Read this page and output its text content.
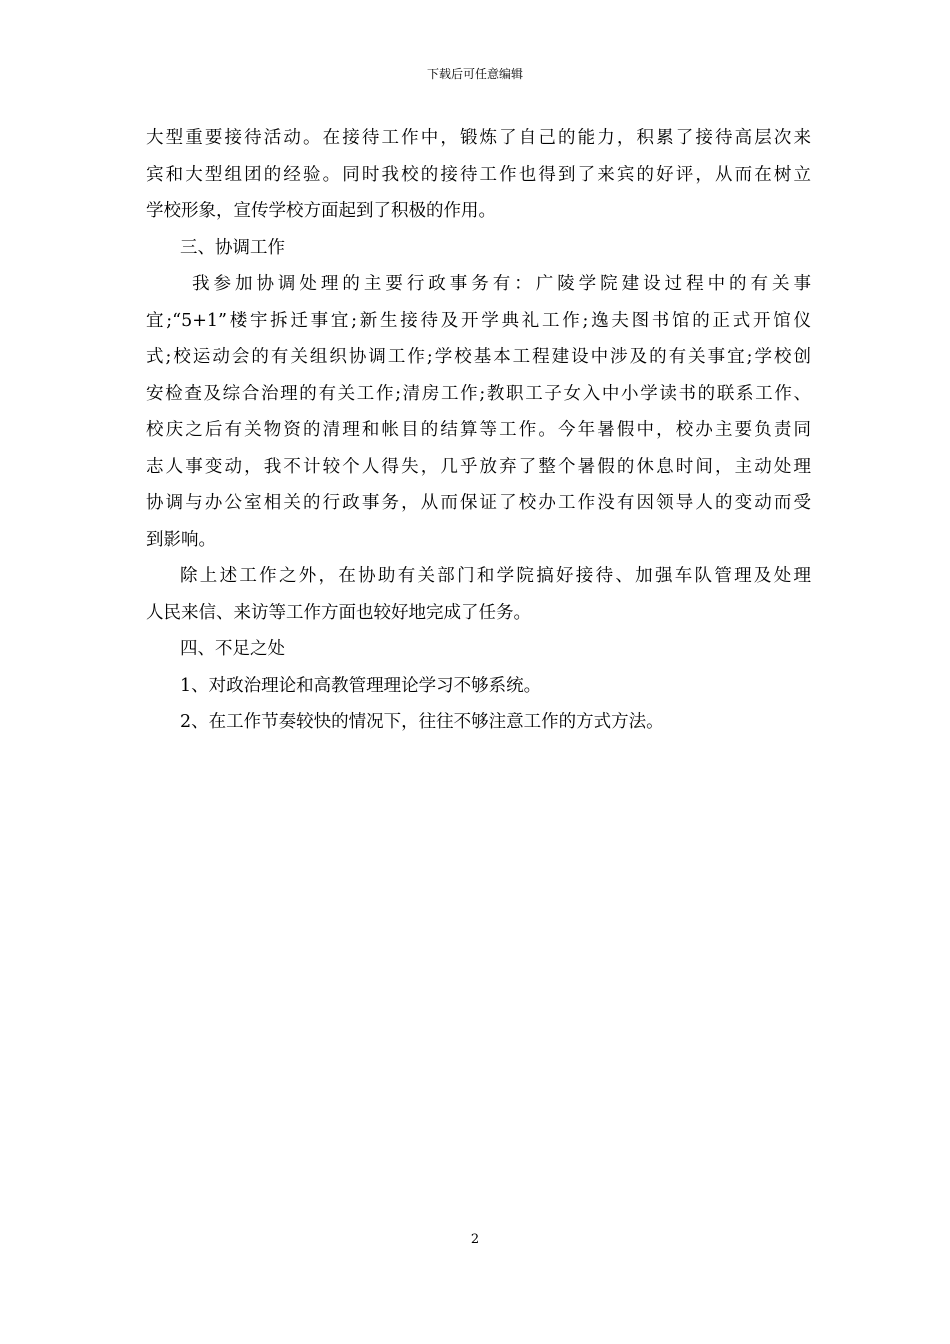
下载后可任意编辑
大型重要接待活动。在接待工作中，锻炼了自己的能力，积累了接待高层次来
宾和大型组团的经验。同时我校的接待工作也得到了来宾的好评，从而在树立
学校形象，宣传学校方面起到了积极的作用。
三、协调工作
我参加协调处理的主要行政事务有：广陵学院建设过程中的有关事
宜;“5+1”楼宇拆迁事宜;新生接待及开学典礼工作;逸夫图书馆的正式开馆仪
式;校运动会的有关组织协调工作;学校基本工程建设中涉及的有关事宜;学校创
安检查及综合治理的有关工作;清房工作;教职工子女入中小学读书的联系工作、
校庆之后有关物资的清理和帐目的结算等工作。今年暑假中，校办主要负责同
志人事变动，我不计较个人得失，几乎放弃了整个暑假的休息时间，主动处理
协调与办公室相关的行政事务，从而保证了校办工作没有因领导人的变动而受
到影响。
除上述工作之外，在协助有关部门和学院搞好接待、加强车队管理及处理
人民来信、来访等工作方面也较好地完成了任务。
四、不足之处
1、对政治理论和高教管理理论学习不够系统。
2、在工作节奏较快的情况下，往往不够注意工作的方式方法。
2
